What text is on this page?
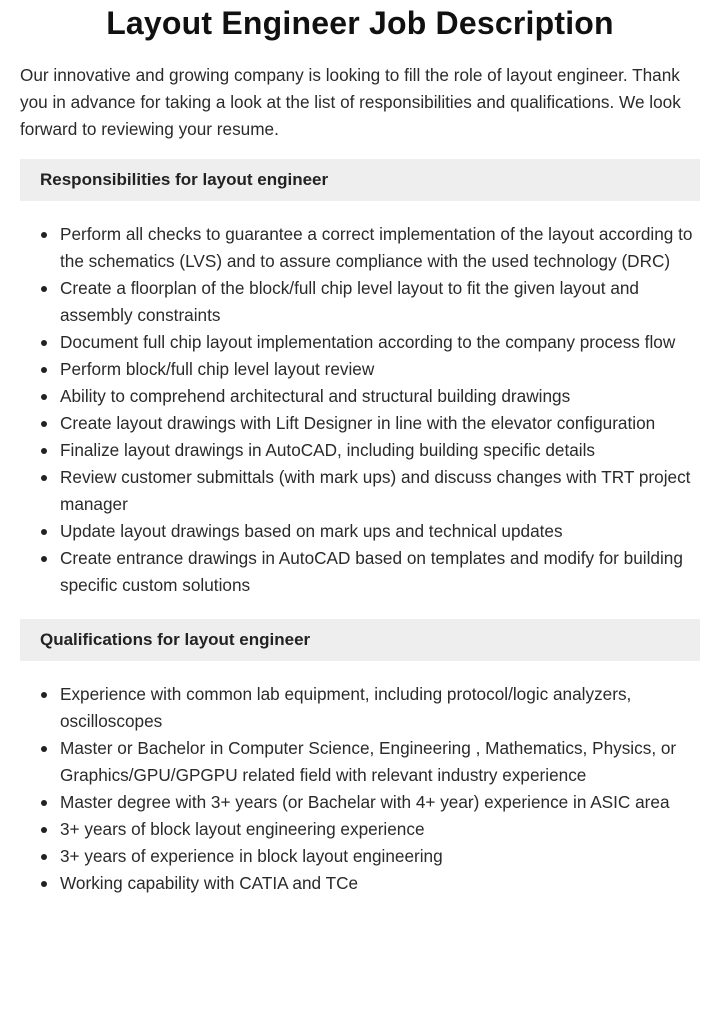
Layout Engineer Job Description

Our innovative and growing company is looking to fill the role of layout engineer. Thank you in advance for taking a look at the list of responsibilities and qualifications. We look forward to reviewing your resume.

Responsibilities for layout engineer
Perform all checks to guarantee a correct implementation of the layout according to the schematics (LVS) and to assure compliance with the used technology (DRC)
Create a floorplan of the block/full chip level layout to fit the given layout and assembly constraints
Document full chip layout implementation according to the company process flow
Perform block/full chip level layout review
Ability to comprehend architectural and structural building drawings
Create layout drawings with Lift Designer in line with the elevator configuration
Finalize layout drawings in AutoCAD, including building specific details
Review customer submittals (with mark ups) and discuss changes with TRT project manager
Update layout drawings based on mark ups and technical updates
Create entrance drawings in AutoCAD based on templates and modify for building specific custom solutions
Qualifications for layout engineer
Experience with common lab equipment, including protocol/logic analyzers, oscilloscopes
Master or Bachelor in Computer Science, Engineering , Mathematics, Physics, or Graphics/GPU/GPGPU related field with relevant industry experience
Master degree with 3+ years (or Bachelar with 4+ year) experience in ASIC area
3+ years of block layout engineering experience
3+ years of experience in block layout engineering
Working capability with CATIA and TCe
